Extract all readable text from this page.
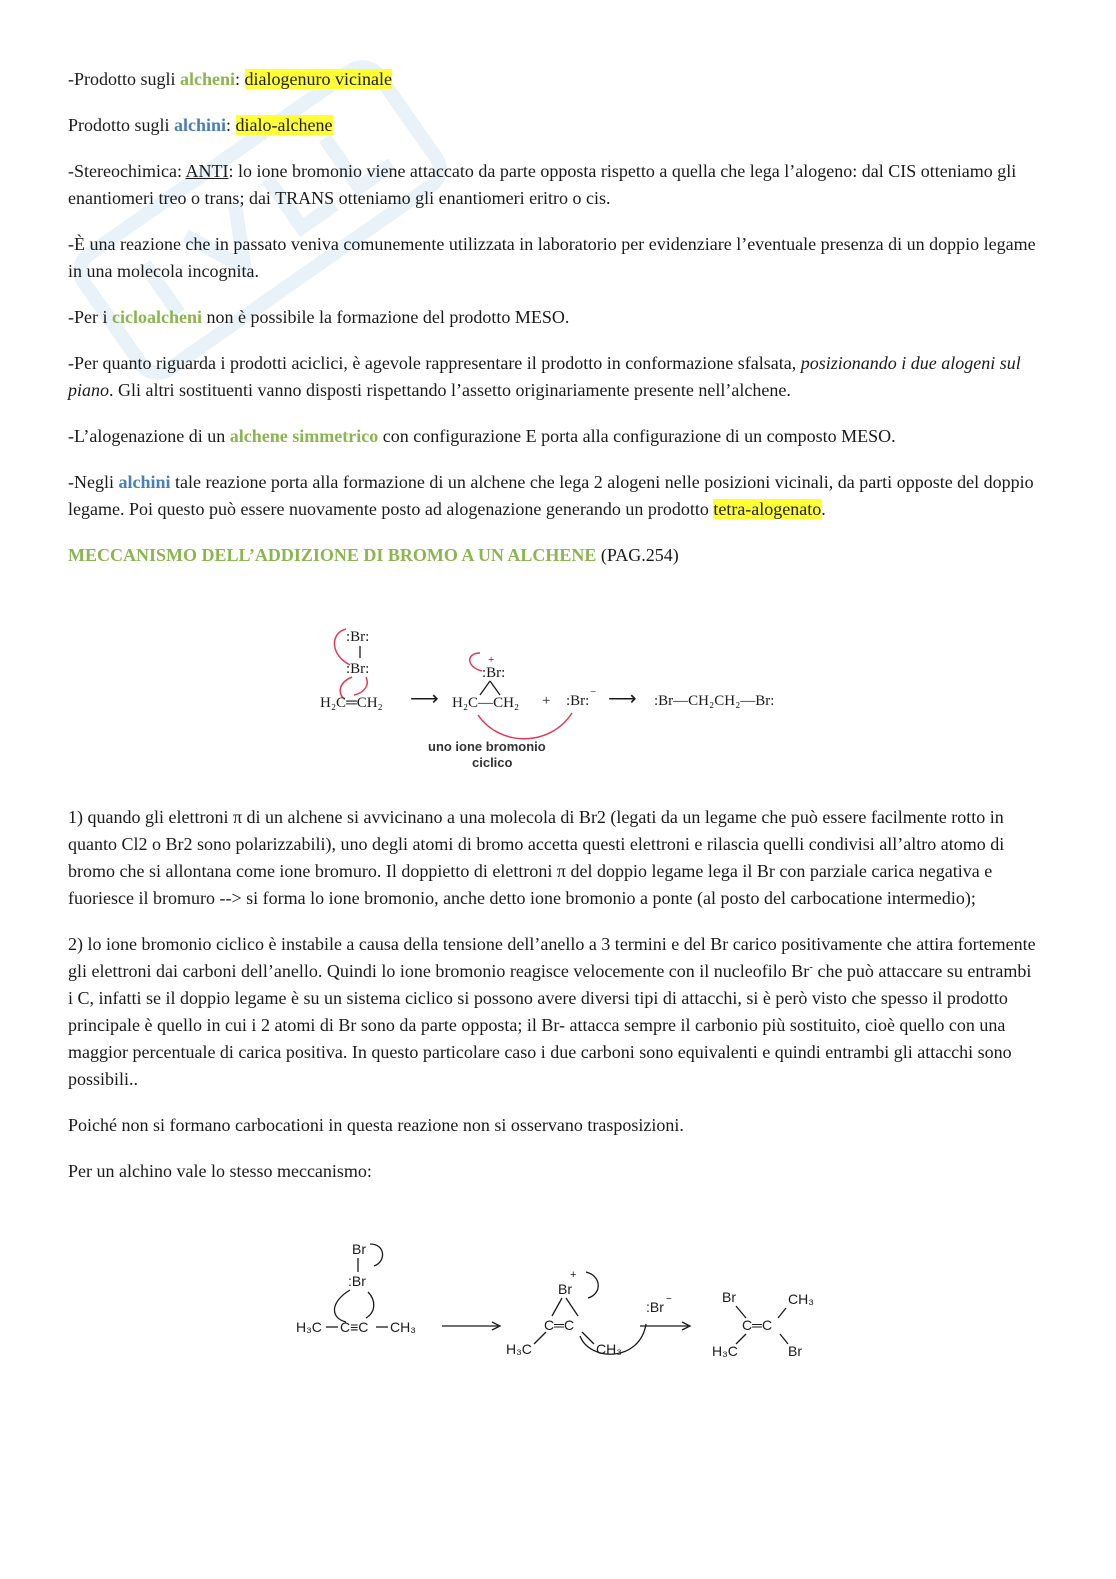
-Prodotto sugli alcheni: dialogenuro vicinale

Prodotto sugli alchini: dialo-alchene

-Stereochimica: ANTI: lo ione bromonio viene attaccato da parte opposta rispetto a quella che lega l’alogeno: dal CIS otteniamo gli enantiomeri treo o trans; dai TRANS otteniamo gli enantiomeri eritro o cis.

-È una reazione che in passato veniva comunemente utilizzata in laboratorio per evidenziare l’eventuale presenza di un doppio legame in una molecola incognita.

-Per i cicloalcheni non è possibile la formazione del prodotto MESO.

-Per quanto riguarda i prodotti aciclici, è agevole rappresentare il prodotto in conformazione sfalsata, posizionando i due alogeni sul piano. Gli altri sostituenti vanno disposti rispettando l’assetto originariamente presente nell’alchene.

-L’alogenazione di un alchene simmetrico con configurazione E porta alla configurazione di un composto MESO.

-Negli alchini tale reazione porta alla formazione di un alchene che lega 2 alogeni nelle posizioni vicinali, da parti opposte del doppio legame. Poi questo può essere nuovamente posto ad alogenazione generando un prodotto tetra-alogenato.

MECCANISMO DELL’ADDIZIONE DI BROMO A UN ALCHENE (PAG.254)

:Br:
:Br:
H₂C═CH₂ ⟶
+
:Br:
H₂C—CH₂ + :Br:
− ⟶ :Br—CH₂CH₂—Br:
uno ione bromonio
ciclico

1) quando gli elettroni π di un alchene si avvicinano a una molecola di Br2 (legati da un legame che può essere facilmente rotto in quanto Cl2 o Br2 sono polarizzabili), uno degli atomi di bromo accetta questi elettroni e rilascia quelli condivisi all’altro atomo di bromo che si allontana come ione bromuro. Il doppietto di elettroni π del doppio legame lega il Br con parziale carica negativa e fuoriesce il bromuro --> si forma lo ione bromonio, anche detto ione bromonio a ponte (al posto del carbocatione intermedio);

2) lo ione bromonio ciclico è instabile a causa della tensione dell’anello a 3 termini e del Br carico positivamente che attira fortemente gli elettroni dai carboni dell’anello. Quindi lo ione bromonio reagisce velocemente con il nucleofilo Br- che può attaccare su entrambi i C, infatti se il doppio legame è su un sistema ciclico si possono avere diversi tipi di attacchi, si è però visto che spesso il prodotto principale è quello in cui i 2 atomi di Br sono da parte opposta; il Br- attacca sempre il carbonio più sostituito, cioè quello con una maggior percentuale di carica positiva. In questo particolare caso i due carboni sono equivalenti e quindi entrambi gli attacchi sono possibili..

Poiché non si formano carbocationi in questa reazione non si osservano trasposizioni.

Per un alchino vale lo stesso meccanismo:

Br
:Br
H₃C C≡C CH₃
+
Br
C═C
H₃C	CH₃
:Br −	Br	CH₃
C═C
H₃C	Br
